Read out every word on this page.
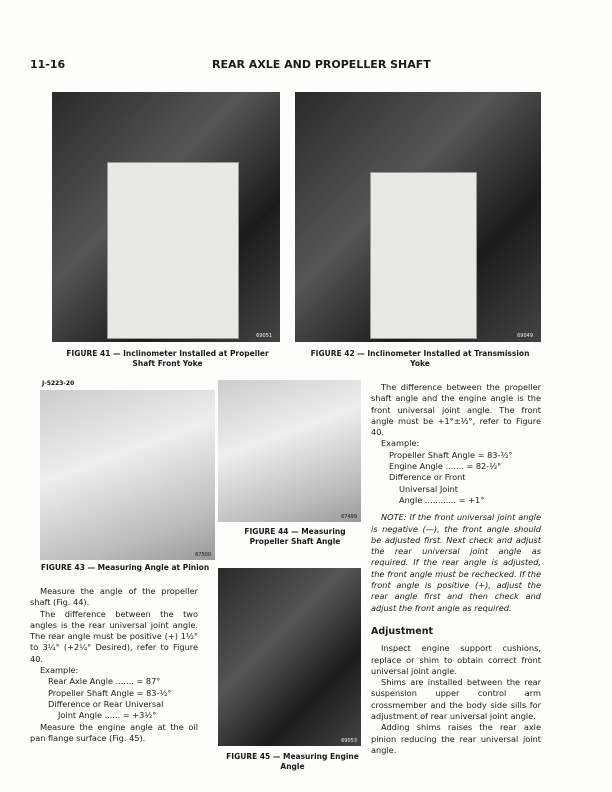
11-16	REAR AXLE AND PROPELLER SHAFT
69051	69049
FIGURE 41 — Inclinometer Installed at Propeller Shaft Front Yoke
FIGURE 42 — Inclinometer Installed at Transmission Yoke
67500
J-5223-20
FIGURE 43 — Measuring Angle at Pinion
67499
FIGURE 44 — Measuring Propeller Shaft Angle
69053
FIGURE 45 — Measuring Engine Angle

Measure the angle of the propeller shaft (Fig. 44).

The difference between the two angles is the rear universal joint angle. The rear angle must be positive (+) 1½° to 3¼° (+2¼° Desired), refer to Figure 40.

Example:
Rear Axle Angle ....... = 87°
Propeller Shaft Angle = 83-½°
Difference or Rear Universal
Joint Angle ...... = +3½°

Measure the engine angle at the oil pan flange surface (Fig. 45).

The difference between the propeller shaft angle and the engine angle is the front universal joint angle. The front angle must be +1°±½°, refer to Figure 40.

Example:
Propeller Shaft Angle = 83-½°
Engine Angle ....... = 82-½°
Difference or Front
Universal Joint
Angle ............ = +1°

NOTE: If the front universal joint angle is negative (—), the front angle should be adjusted first. Next check and adjust the rear universal joint angle as required. If the rear angle is adjusted, the front angle must be rechecked. If the front angle is positive (+), adjust the rear angle first and then check and adjust the front angle as required.

Adjustment

Inspect engine support cushions, replace or shim to obtain correct front universal joint angle.

Shims are installed between the rear suspension upper control arm crossmember and the body side sills for adjustment of rear universal joint angle.

Adding shims raises the rear axle pinion reducing the rear universal joint angle.
